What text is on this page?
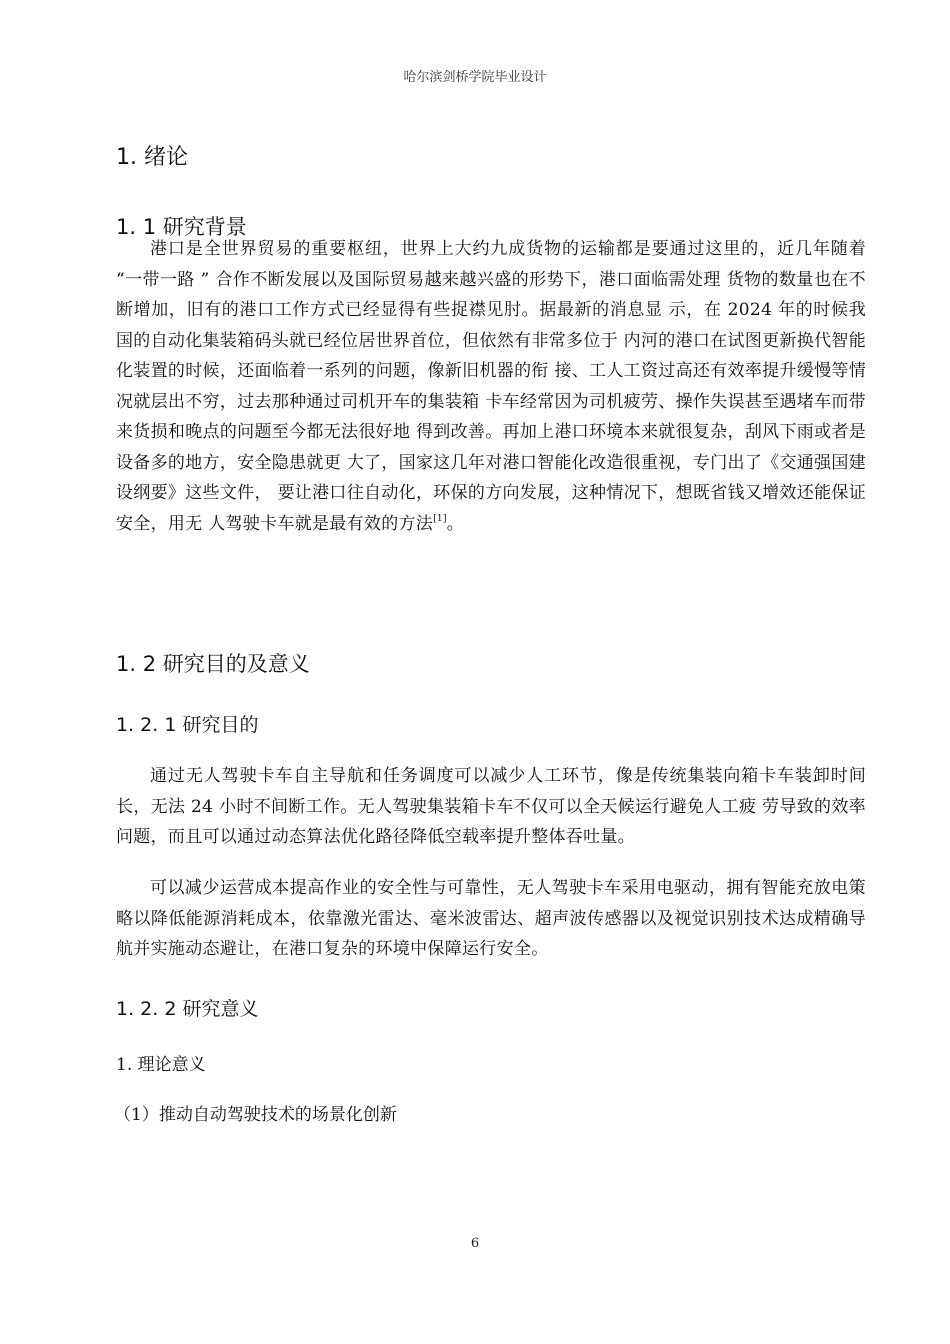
哈尔滨剑桥学院毕业设计
1. 绪论
1. 1 研究背景

港口是全世界贸易的重要枢纽，世界上大约九成货物的运输都是要通过这里的，近几年随着 “一带一路 ” 合作不断发展以及国际贸易越来越兴盛的形势下，港口面临需处理 货物的数量也在不断增加，旧有的港口工作方式已经显得有些捉襟见肘。据最新的消息显 示，在 2024 年的时候我国的自动化集装箱码头就已经位居世界首位，但依然有非常多位于 内河的港口在试图更新换代智能化装置的时候，还面临着一系列的问题，像新旧机器的衔 接、工人工资过高还有效率提升缓慢等情况就层出不穷，过去那种通过司机开车的集装箱 卡车经常因为司机疲劳、操作失误甚至遇堵车而带来货损和晚点的问题至今都无法很好地 得到改善。再加上港口环境本来就很复杂，刮风下雨或者是设备多的地方，安全隐患就更 大了，国家这几年对港口智能化改造很重视，专门出了《交通强国建设纲要》这些文件， 要让港口往自动化，环保的方向发展，这种情况下，想既省钱又增效还能保证安全，用无 人驾驶卡车就是最有效的方法[1]。

1. 2 研究目的及意义
1. 2. 1 研究目的

通过无人驾驶卡车自主导航和任务调度可以减少人工环节，像是传统集装向箱卡车装卸时间长，无法 24 小时不间断工作。无人驾驶集装箱卡车不仅可以全天候运行避免人工疲 劳导致的效率问题，而且可以通过动态算法优化路径降低空载率提升整体吞吐量。

可以减少运营成本提高作业的安全性与可靠性，无人驾驶卡车采用电驱动，拥有智能充放电策略以降低能源消耗成本，依靠激光雷达、毫米波雷达、超声波传感器以及视觉识别技术达成精确导航并实施动态避让，在港口复杂的环境中保障运行安全。

1. 2. 2 研究意义
1. 理论意义
（1）推动自动驾驶技术的场景化创新
6
